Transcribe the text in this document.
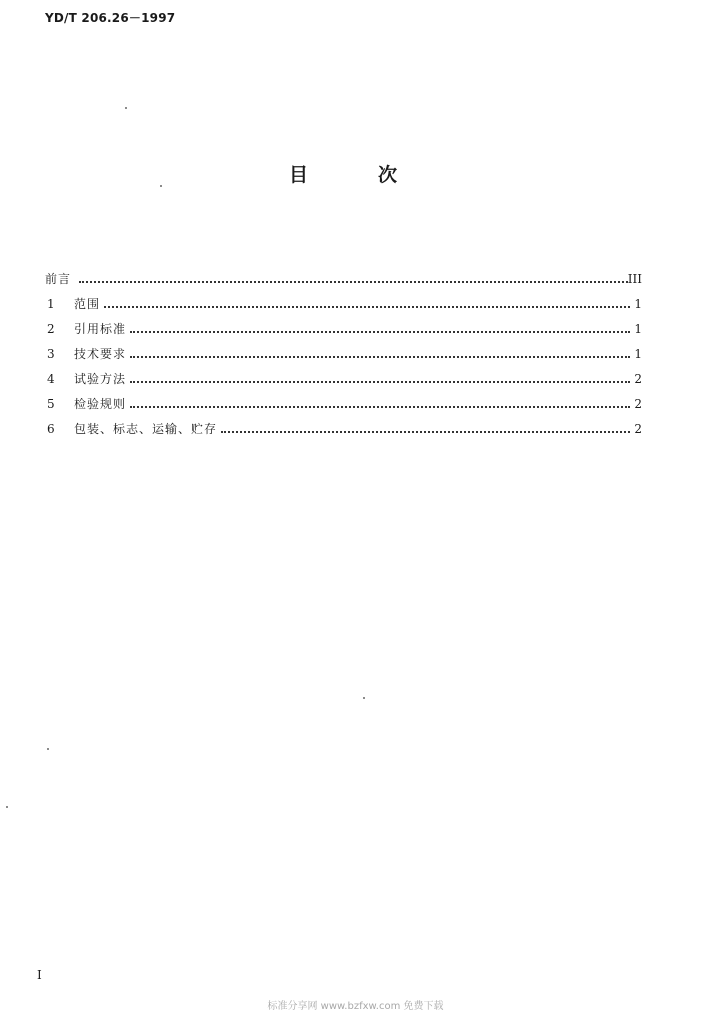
YD/T 206.26－1997
目	次
前言	III
1	范围	1
2	引用标准	1
3	技术要求	1
4	试验方法	2
5	检验规则	2
6	包装、标志、运输、贮存	2
I
标准分享网 www.bzfxw.com 免费下载
